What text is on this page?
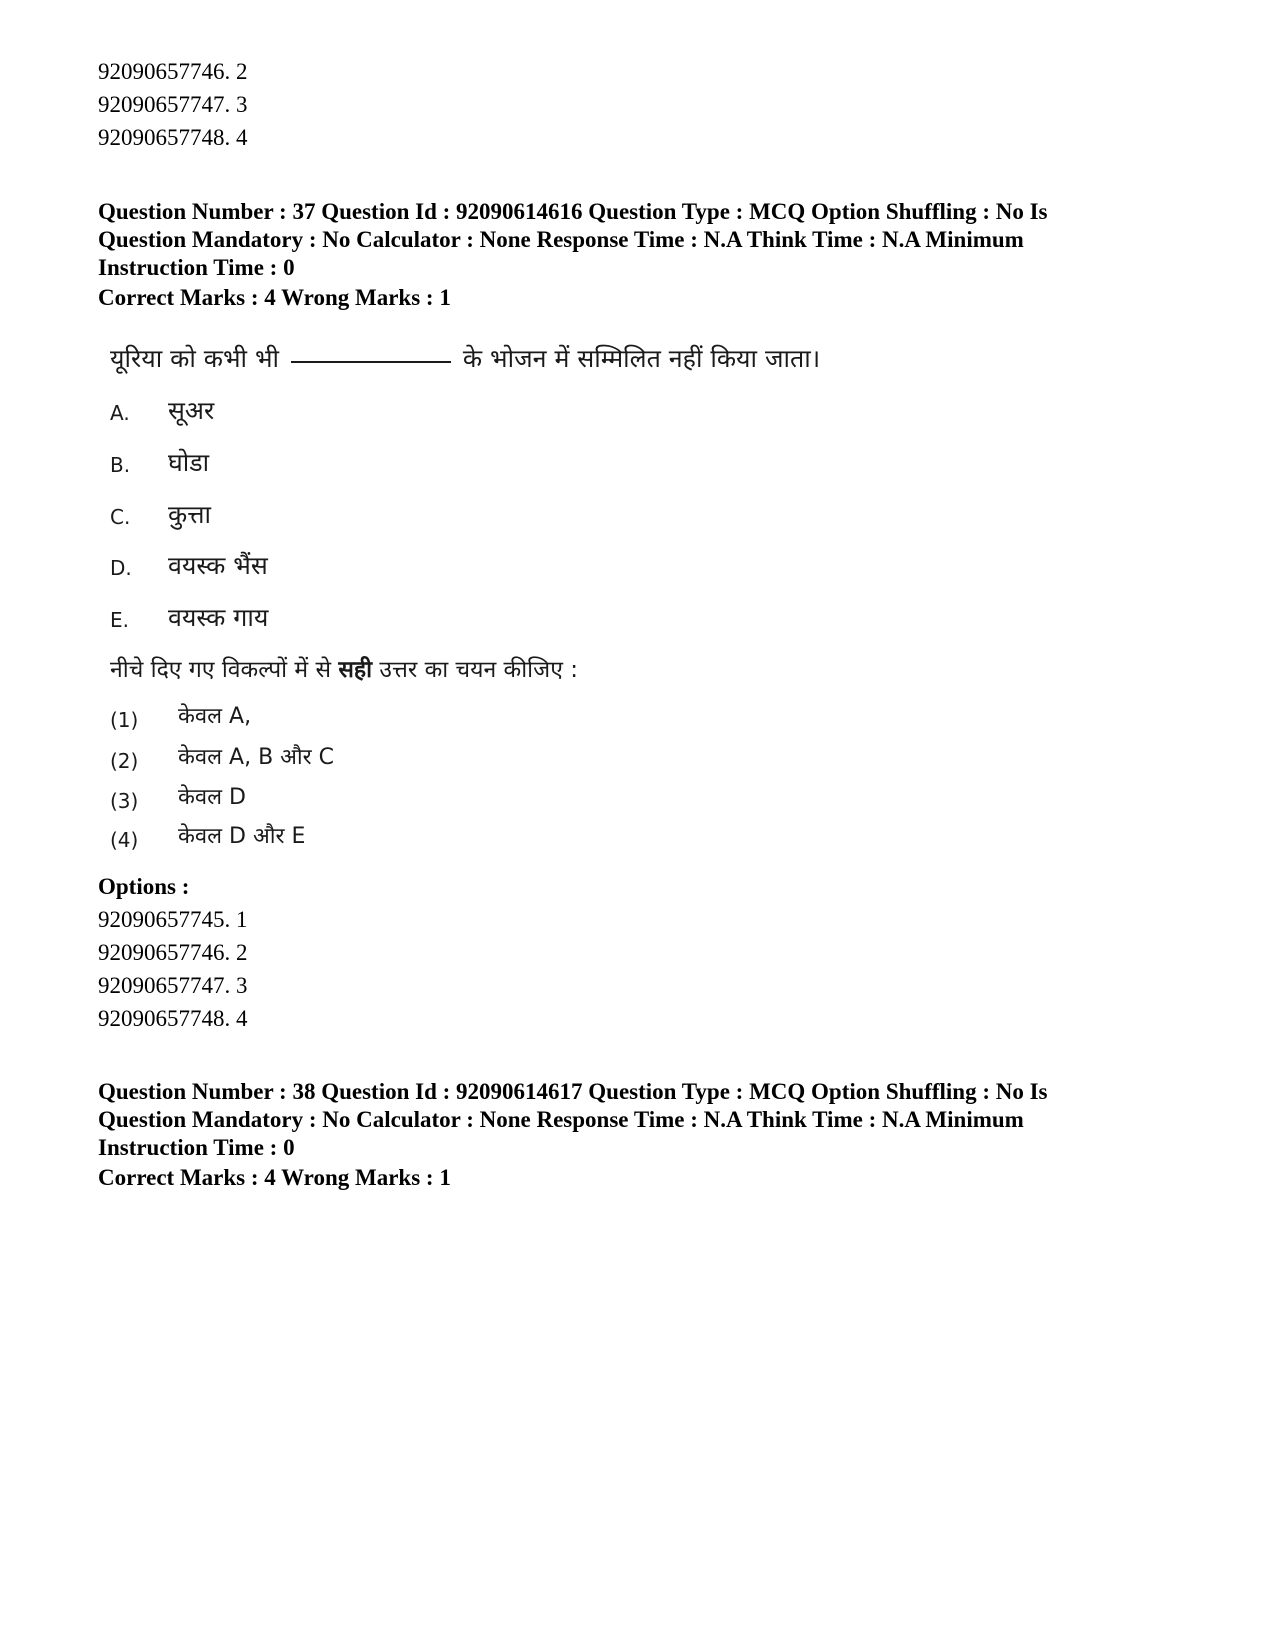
92090657746. 2
92090657747. 3
92090657748. 4
Question Number : 37 Question Id : 92090614616 Question Type : MCQ Option Shuffling : No Is
Question Mandatory : No Calculator : None Response Time : N.A Think Time : N.A Minimum
Instruction Time : 0
Correct Marks : 4 Wrong Marks : 1
यूरिया को कभी भी	के भोजन में सम्मिलित नहीं किया जाता।
A. सूअर
B. घोडा
C. कुत्ता
D. वयस्क भैंस
E. वयस्क गाय
नीचे दिए गए विकल्पों में से सही उत्तर का चयन कीजिए :
(1) केवल A,
(2) केवल A, B और C
(3) केवल D
(4) केवल D और E
Options :
92090657745. 1
92090657746. 2
92090657747. 3
92090657748. 4
Question Number : 38 Question Id : 92090614617 Question Type : MCQ Option Shuffling : No Is
Question Mandatory : No Calculator : None Response Time : N.A Think Time : N.A Minimum
Instruction Time : 0
Correct Marks : 4 Wrong Marks : 1
